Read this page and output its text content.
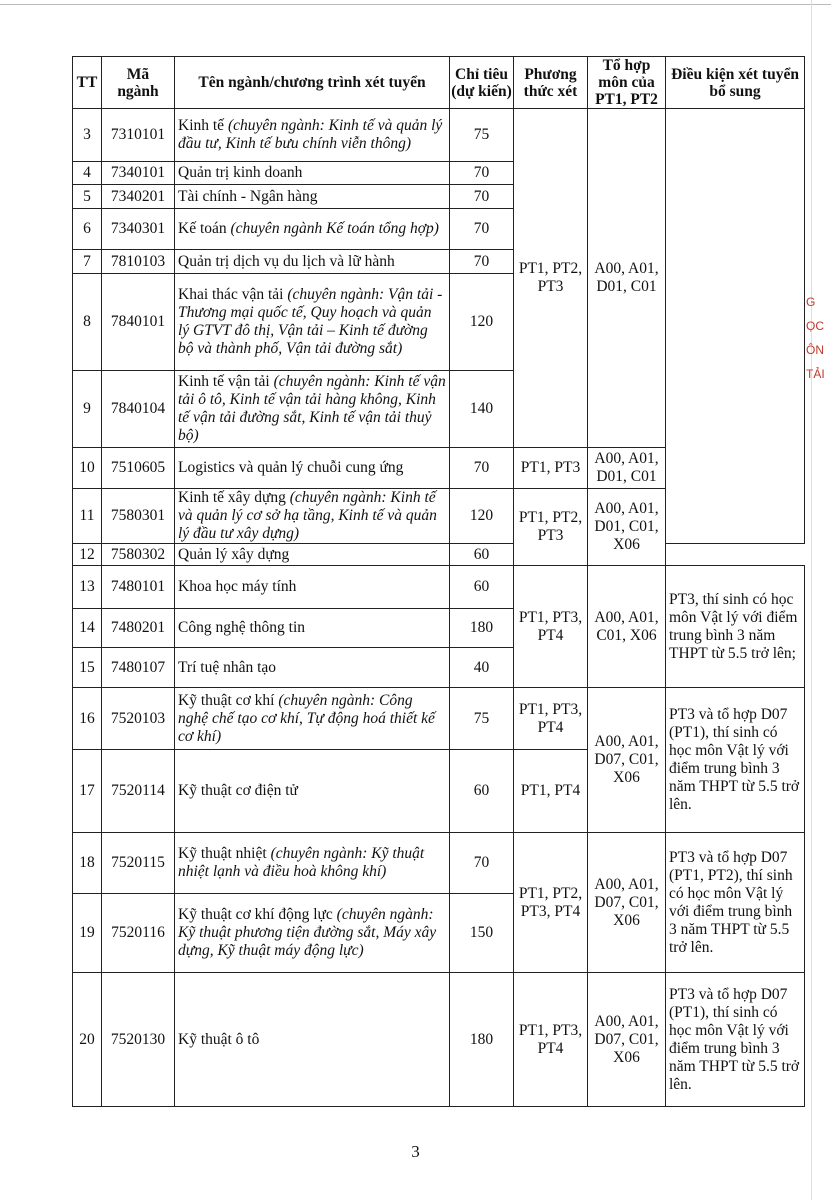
TT	Mã ngành	Tên ngành/chương trình xét tuyển	Chỉ tiêu (dự kiến)	Phương thức xét	Tổ hợp môn của PT1, PT2	Điều kiện xét tuyển bổ sung
3	7310101	Kinh tế (chuyên ngành: Kinh tế và quản lý đầu tư, Kinh tế bưu chính viễn thông)	75	PT1, PT2, PT3	A00, A01, D01, C01	
4	7340101	Quản trị kinh doanh	70			
5	7340201	Tài chính - Ngân hàng	70			
6	7340301	Kế toán (chuyên ngành Kế toán tổng hợp)	70			
7	7810103	Quản trị dịch vụ du lịch và lữ hành	70			
8	7840101	Khai thác vận tải (chuyên ngành: Vận tải - Thương mại quốc tế, Quy hoạch và quản lý GTVT đô thị, Vận tải – Kinh tế đường bộ và thành phố, Vận tải đường sắt)	120			
9	7840104	Kinh tế vận tải (chuyên ngành: Kinh tế vận tải ô tô, Kinh tế vận tải hàng không, Kinh tế vận tải đường sắt, Kinh tế vận tải thuỷ bộ)	140			
10	7510605	Logistics và quản lý chuỗi cung ứng	70	PT1, PT3	A00, A01, D01, C01	
11	7580301	Kinh tế xây dựng (chuyên ngành: Kinh tế và quản lý cơ sở hạ tầng, Kinh tế và quản lý đầu tư xây dựng)	120	PT1, PT2, PT3	A00, A01, D01, C01, X06	
12	7580302	Quản lý xây dựng	60			
13	7480101	Khoa học máy tính	60	PT1, PT3, PT4	A00, A01, C01, X06	PT3, thí sinh có học môn Vật lý với điểm trung bình 3 năm THPT từ 5.5 trở lên;
14	7480201	Công nghệ thông tin	180			
15	7480107	Trí tuệ nhân tạo	40			
16	7520103	Kỹ thuật cơ khí (chuyên ngành: Công nghệ chế tạo cơ khí, Tự động hoá thiết kế cơ khí)	75	PT1, PT3, PT4	A00, A01, D07, C01, X06	PT3 và tổ hợp D07 (PT1), thí sinh có học môn Vật lý với điểm trung bình 3 năm THPT từ 5.5 trở lên.
17	7520114	Kỹ thuật cơ điện tử	60	PT1, PT4		
18	7520115	Kỹ thuật nhiệt (chuyên ngành: Kỹ thuật nhiệt lạnh và điều hoà không khí)	70	PT1, PT2, PT3, PT4	A00, A01, D07, C01, X06	PT3 và tổ hợp D07 (PT1, PT2), thí sinh có học môn Vật lý với điểm trung bình 3 năm THPT từ 5.5 trở lên.
19	7520116	Kỹ thuật cơ khí động lực (chuyên ngành: Kỹ thuật phương tiện đường sắt, Máy xây dựng, Kỹ thuật máy động lực)	150			
20	7520130	Kỹ thuật ô tô	180	PT1, PT3, PT4	A00, A01, D07, C01, X06	PT3 và tổ hợp D07 (PT1), thí sinh có học môn Vật lý với điểm trung bình 3 năm THPT từ 5.5 trở lên.
3
G
ỌC
ÔN
TẢI
